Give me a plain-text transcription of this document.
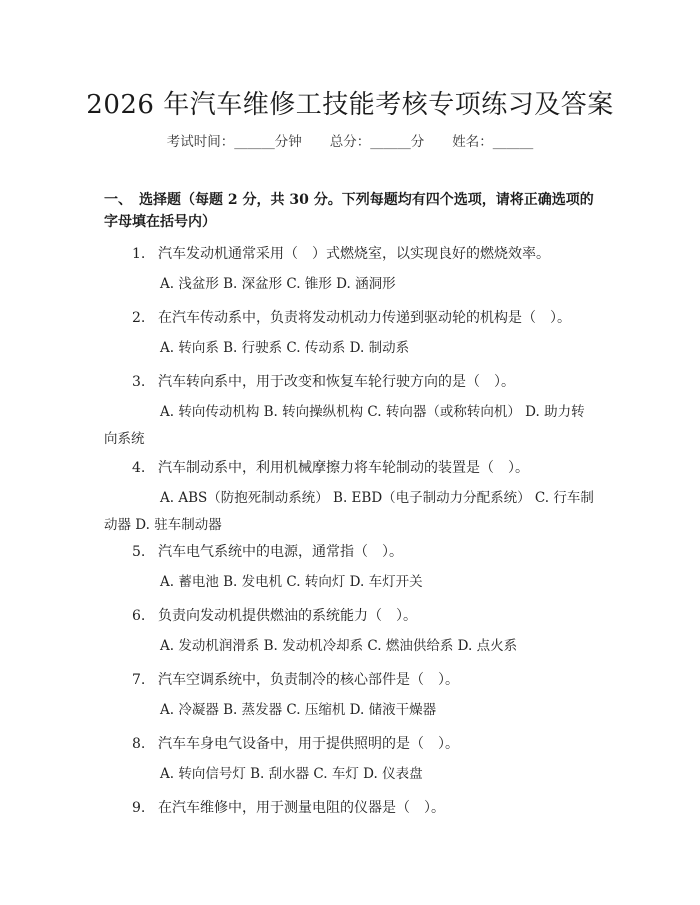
2026 年汽车维修工技能考核专项练习及答案
考试时间：______分钟 总分：______分 姓名：______
一、　选择题（每题 2 分，共 30 分。下列每题均有四个选项，请将正确选项的字母填在括号内）
1. 汽车发动机通常采用（　）式燃烧室，以实现良好的燃烧效率。
A. 浅盆形 B. 深盆形 C. 锥形 D. 涵洞形
2. 在汽车传动系中，负责将发动机动力传递到驱动轮的机构是（　）。
A. 转向系 B. 行驶系 C. 传动系 D. 制动系
3. 汽车转向系中，用于改变和恢复车轮行驶方向的是（　）。
A. 转向传动机构 B. 转向操纵机构 C. 转向器（或称转向机） D. 助力转向系统
4. 汽车制动系中，利用机械摩擦力将车轮制动的装置是（　）。
A. ABS（防抱死制动系统） B. EBD（电子制动力分配系统） C. 行车制动器 D. 驻车制动器
5. 汽车电气系统中的电源，通常指（　）。
A. 蓄电池 B. 发电机 C. 转向灯 D. 车灯开关
6. 负责向发动机提供燃油的系统能力（　）。
A. 发动机润滑系 B. 发动机冷却系 C. 燃油供给系 D. 点火系
7. 汽车空调系统中，负责制冷的核心部件是（　）。
A. 冷凝器 B. 蒸发器 C. 压缩机 D. 储液干燥器
8. 汽车车身电气设备中，用于提供照明的是（　）。
A. 转向信号灯 B. 刮水器 C. 车灯 D. 仪表盘
9. 在汽车维修中，用于测量电阻的仪器是（　）。
